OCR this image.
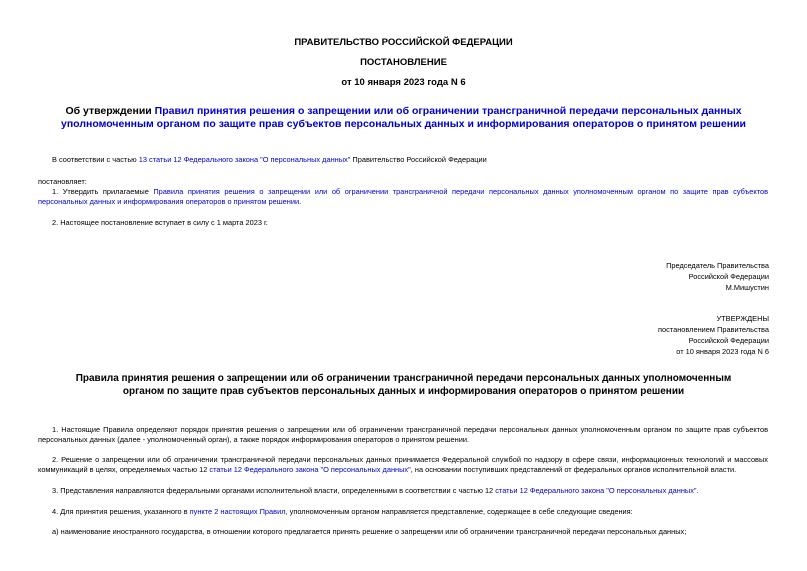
ПРАВИТЕЛЬСТВО РОССИЙСКОЙ ФЕДЕРАЦИИ
ПОСТАНОВЛЕНИЕ
от 10 января 2023 года N 6
Об утверждении Правил принятия решения о запрещении или об ограничении трансграничной передачи персональных данных уполномоченным органом по защите прав субъектов персональных данных и информирования операторов о принятом решении
В соответствии с частью 13 статьи 12 Федерального закона "О персональных данных" Правительство Российской Федерации
постановляет:
1. Утвердить прилагаемые Правила принятия решения о запрещении или об ограничении трансграничной передачи персональных данных уполномоченным органом по защите прав субъектов персональных данных и информирования операторов о принятом решении.
2. Настоящее постановление вступает в силу с 1 марта 2023 г.
Председатель Правительства
Российской Федерации
М.Мишустин
УТВЕРЖДЕНЫ
постановлением Правительства
Российской Федерации
от 10 января 2023 года N 6
Правила принятия решения о запрещении или об ограничении трансграничной передачи персональных данных уполномоченным органом по защите прав субъектов персональных данных и информирования операторов о принятом решении
1. Настоящие Правила определяют порядок принятия решения о запрещении или об ограничении трансграничной передачи персональных данных уполномоченным органом по защите прав субъектов персональных данных (далее - уполномоченный орган), а также порядок информирования операторов о принятом решении.
2. Решение о запрещении или об ограничении трансграничной передачи персональных данных принимается Федеральной службой по надзору в сфере связи, информационных технологий и массовых коммуникаций в целях, определяемых частью 12 статьи 12 Федерального закона "О персональных данных", на основании поступивших представлений от федеральных органов исполнительной власти.
3. Представления направляются федеральными органами исполнительной власти, определенными в соответствии с частью 12 статьи 12 Федерального закона "О персональных данных".
4. Для принятия решения, указанного в пункте 2 настоящих Правил, уполномоченным органом направляется представление, содержащее в себе следующие сведения:
а) наименование иностранного государства, в отношении которого предлагается принять решение о запрещении или об ограничении трансграничной передачи персональных данных;
